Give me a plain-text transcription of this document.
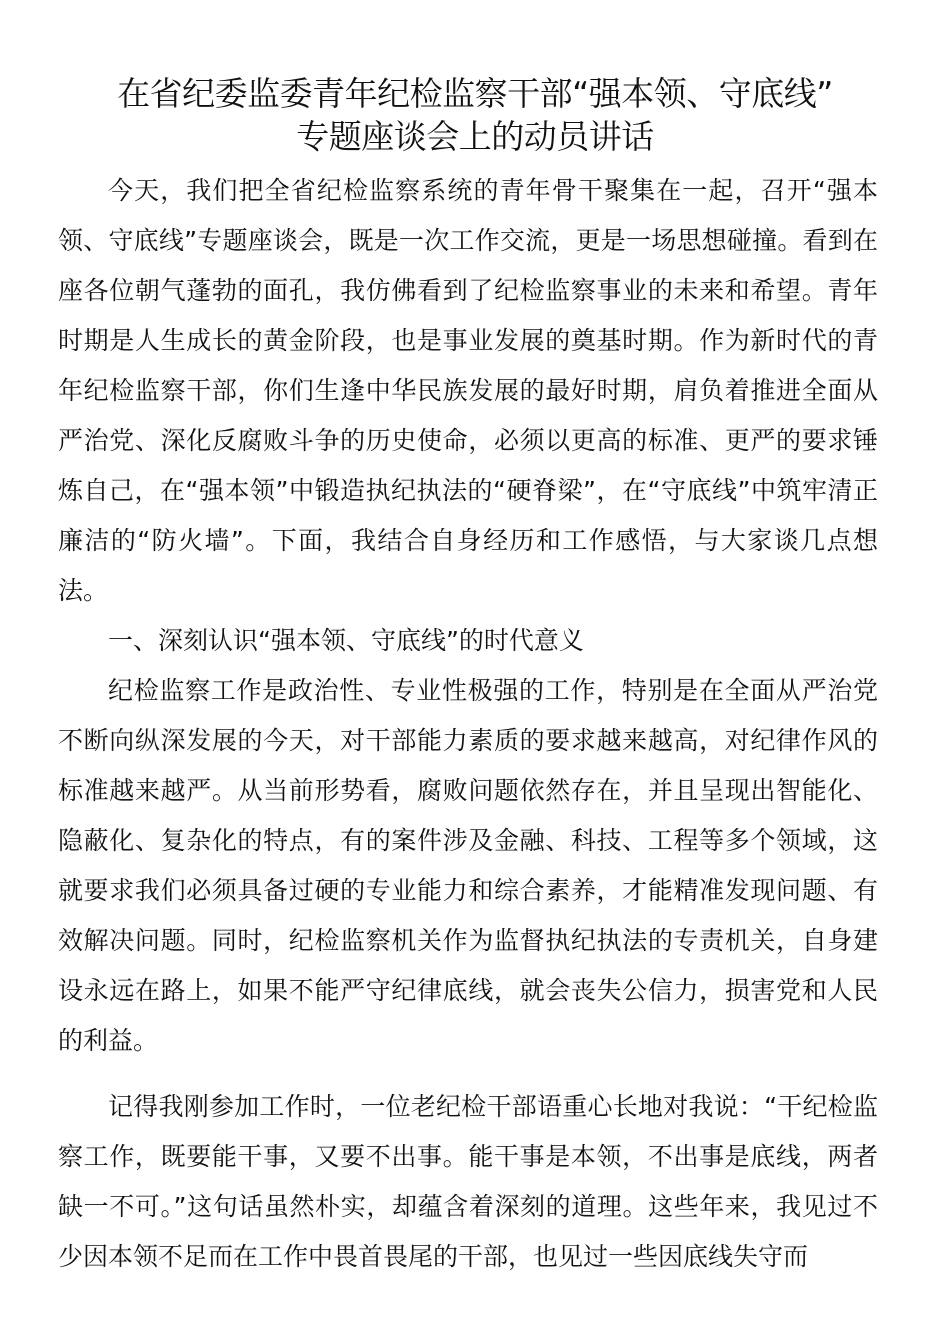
在省纪委监委青年纪检监察干部“强本领、守底线”
专题座谈会上的动员讲话

今天，我们把全省纪检监察系统的青年骨干聚集在一起，召开“强本领、守底线”专题座谈会，既是一次工作交流，更是一场思想碰撞。看到在座各位朝气蓬勃的面孔，我仿佛看到了纪检监察事业的未来和希望。青年时期是人生成长的黄金阶段，也是事业发展的奠基时期。作为新时代的青年纪检监察干部，你们生逢中华民族发展的最好时期，肩负着推进全面从严治党、深化反腐败斗争的历史使命，必须以更高的标准、更严的要求锤炼自己，在“强本领”中锻造执纪执法的“硬脊梁”，在“守底线”中筑牢清正廉洁的“防火墙”。下面，我结合自身经历和工作感悟，与大家谈几点想法。

一、深刻认识“强本领、守底线”的时代意义

纪检监察工作是政治性、专业性极强的工作，特别是在全面从严治党不断向纵深发展的今天，对干部能力素质的要求越来越高，对纪律作风的标准越来越严。从当前形势看，腐败问题依然存在，并且呈现出智能化、隐蔽化、复杂化的特点，有的案件涉及金融、科技、工程等多个领域，这就要求我们必须具备过硬的专业能力和综合素养，才能精准发现问题、有效解决问题。同时，纪检监察机关作为监督执纪执法的专责机关，自身建设永远在路上，如果不能严守纪律底线，就会丧失公信力，损害党和人民的利益。

记得我刚参加工作时，一位老纪检干部语重心长地对我说：“干纪检监察工作，既要能干事，又要不出事。能干事是本领，不出事是底线，两者缺一不可。”这句话虽然朴实，却蕴含着深刻的道理。这些年来，我见过不少因本领不足而在工作中畏首畏尾的干部，也见过一些因底线失守而
